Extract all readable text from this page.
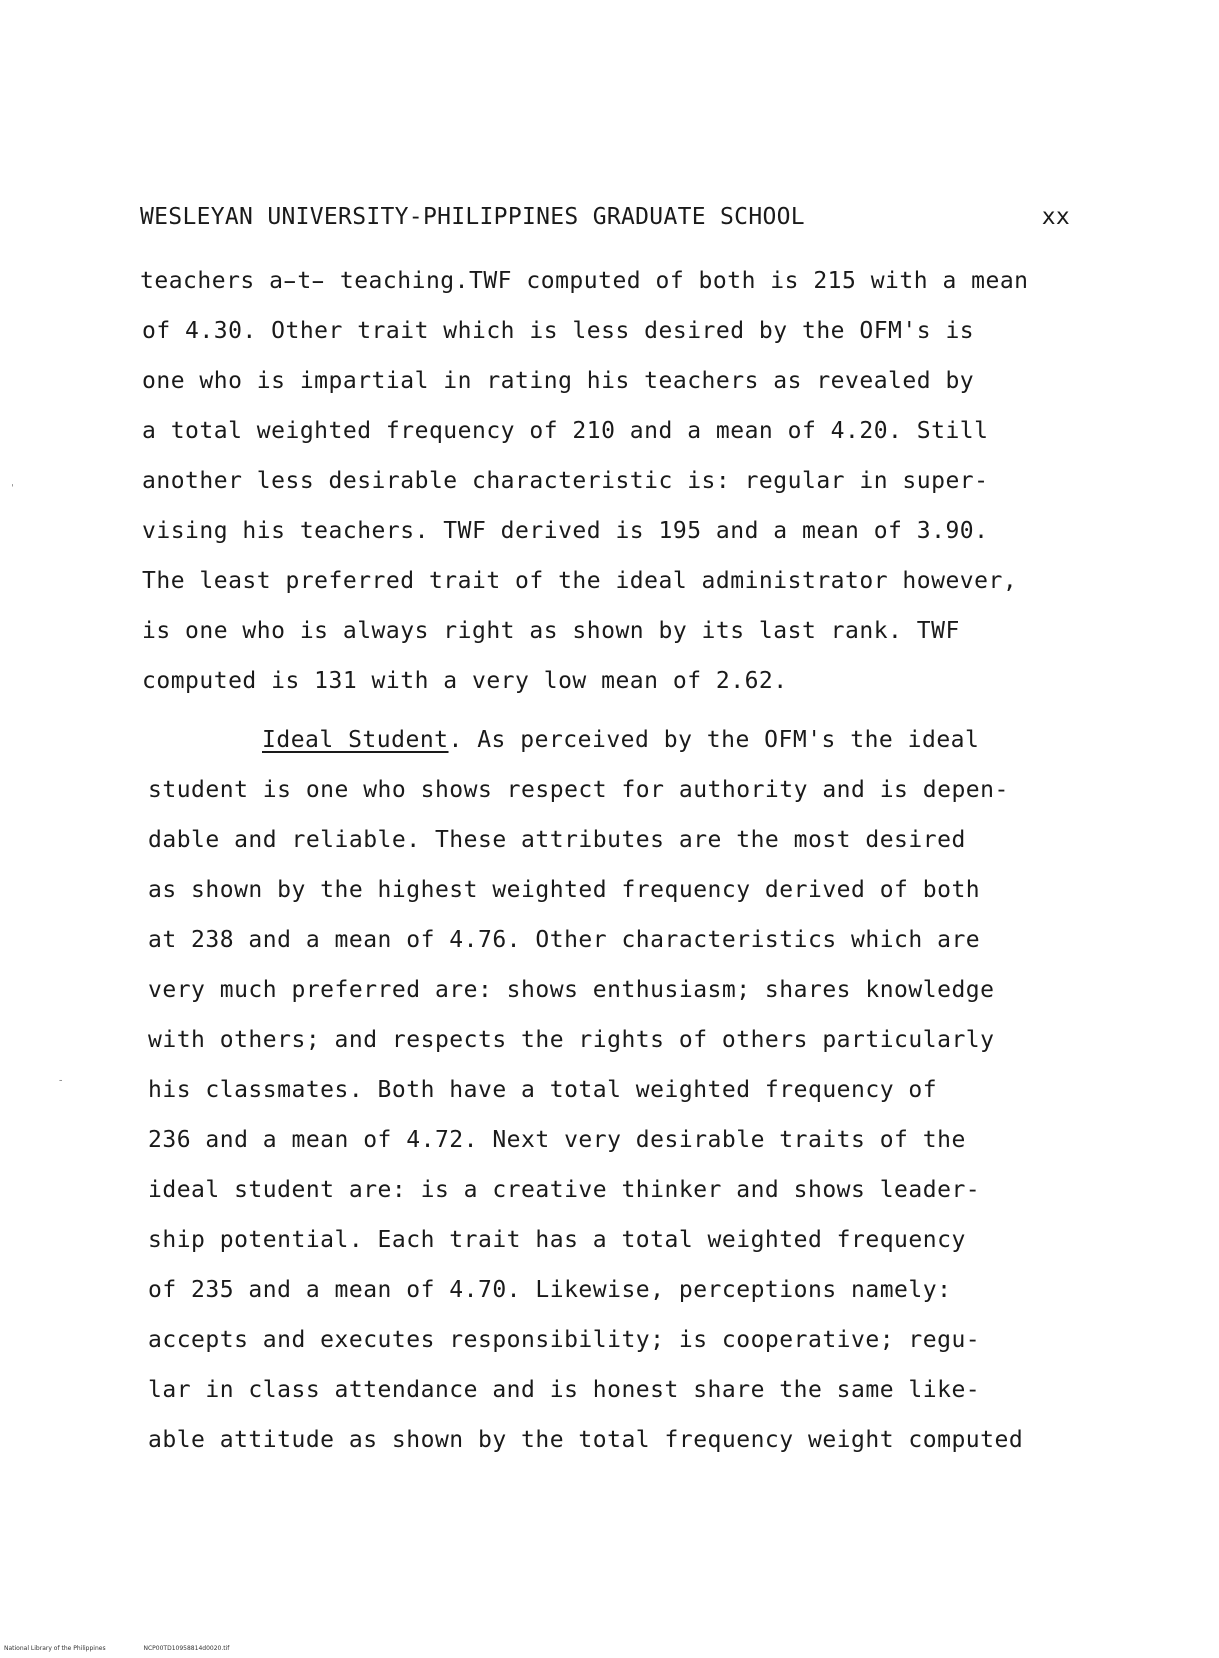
WESLEYAN UNIVERSITY-PHILIPPINES GRADUATE SCHOOL	xx
teachers a̵t̵ teaching.TWF computed of both is 215 with a mean
of 4.30. Other trait which is less desired by the OFM's is
one who is impartial in rating his teachers as revealed by
a total weighted frequency of 210 and a mean of 4.20. Still
another less desirable characteristic is: regular in super-
vising his teachers. TWF derived is 195 and a mean of 3.90.
The least preferred trait of the ideal administrator however,
is one who is always right as shown by its last rank. TWF
computed is 131 with a very low mean of 2.62.
Ideal Student. As perceived by the OFM's the ideal
student is one who shows respect for authority and is depen-
dable and reliable. These attributes are the most desired
as shown by the highest weighted frequency derived of both
at 238 and a mean of 4.76. Other characteristics which are
very much preferred are: shows enthusiasm; shares knowledge
with others; and respects the rights of others particularly
his classmates. Both have a total weighted frequency of
236 and a mean of 4.72. Next very desirable traits of the
ideal student are: is a creative thinker and shows leader-
ship potential. Each trait has a total weighted frequency
of 235 and a mean of 4.70. Likewise, perceptions namely:
accepts and executes responsibility; is cooperative; regu-
lar in class attendance and is honest share the same like-
able attitude as shown by the total frequency weight computed
ˌ
ˍ
National Library of the Philippines	NCP00TD10958814d0020.tif
